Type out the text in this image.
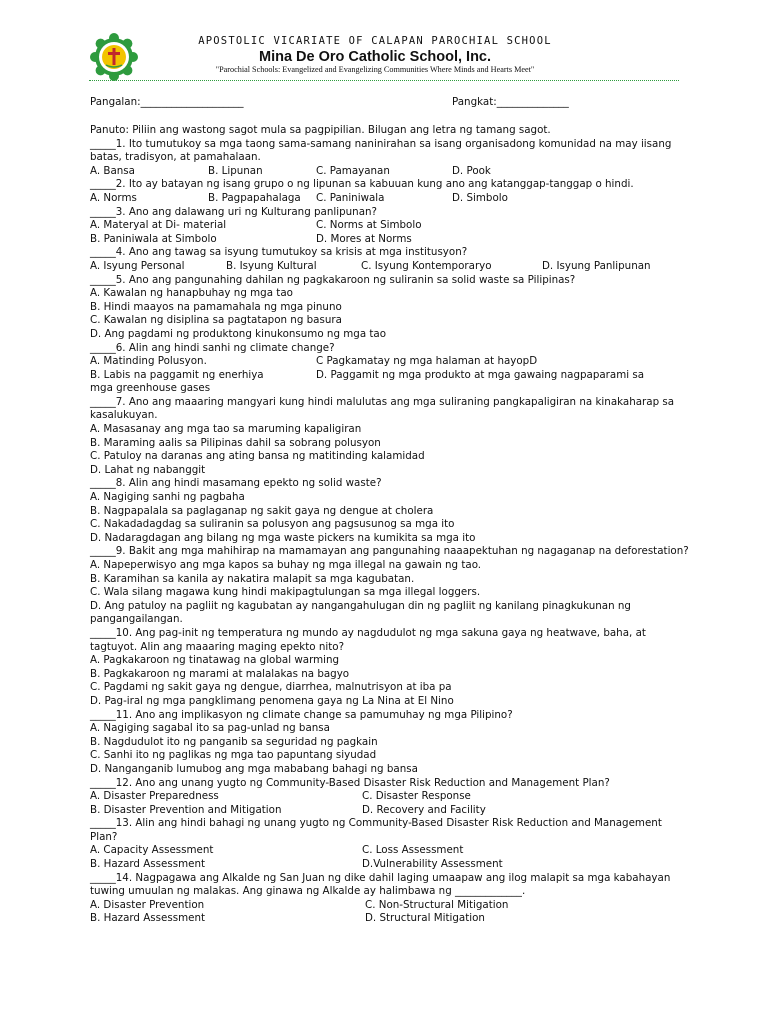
APOSTOLIC VICARIATE OF CALAPAN PAROCHIAL SCHOOL
Mina De Oro Catholic School, Inc.
"Parochial Schools: Evangelized and Evangelizing Communities Where Minds and Hearts Meet"
Pangalan:____________________	Pangkat:______________
Panuto: Piliin ang wastong sagot mula sa pagpipilian. Bilugan ang letra ng tamang sagot.
_____1. Ito tumutukoy sa mga taong sama-samang naninirahan sa isang organisadong komunidad na may iisang batas, tradisyon, at pamahalaan.
A. Bansa	B. Lipunan	C. Pamayanan	D. Pook
_____2. Ito ay batayan ng isang grupo o ng lipunan sa kabuuan kung ano ang katanggap-tanggap o hindi.
A. Norms	B. Pagpapahalaga C. Paniniwala	D. Simbolo
_____3. Ano ang dalawang uri ng Kulturang panlipunan?
A. Materyal at Di- material	C. Norms at Simbolo
B. Paniniwala at Simbolo	D. Mores at Norms
_____4. Ano ang tawag sa isyung tumutukoy sa krisis at mga institusyon?
A. Isyung Personal	B. Isyung Kultural	C. Isyung Kontemporaryo	D. Isyung Panlipunan
_____5. Ano ang pangunahing dahilan ng pagkakaroon ng suliranin sa solid waste sa Pilipinas?
A. Kawalan ng hanapbuhay ng mga tao
B. Hindi maayos na pamamahala ng mga pinuno
C. Kawalan ng disiplina sa pagtatapon ng basura
D. Ang pagdami ng produktong kinukonsumo ng mga tao
_____6. Alin ang hindi sanhi ng climate change?
A. Matinding Polusyon.	C Pagkamatay ng mga halaman at hayopD
B. Labis na paggamit ng enerhiya	D. Paggamit ng mga produkto at mga gawaing nagpaparami sa
mga greenhouse gases
_____7. Ano ang maaaring mangyari kung hindi malulutas ang mga suliraning pangkapaligiran na kinakaharap sa kasalukuyan.
A. Masasanay ang mga tao sa maruming kapaligiran
B. Maraming aalis sa Pilipinas dahil sa sobrang polusyon
C. Patuloy na daranas ang ating bansa ng matitinding kalamidad
D. Lahat ng nabanggit
_____8. Alin ang hindi masamang epekto ng solid waste?
A. Nagiging sanhi ng pagbaha
B. Nagpapalala sa paglaganap ng sakit gaya ng dengue at cholera
C. Nakadadagdag sa suliranin sa polusyon ang pagsusunog sa mga ito
D. Nadaragdagan ang bilang ng mga waste pickers na kumikita sa mga ito
_____9. Bakit ang mga mahihirap na mamamayan ang pangunahing naaapektuhan ng nagaganap na deforestation?
A. Napeperwisyo ang mga kapos sa buhay ng mga illegal na gawain ng tao.
B. Karamihan sa kanila ay nakatira malapit sa mga kagubatan.
C. Wala silang magawa kung hindi makipagtulungan sa mga illegal loggers.
D. Ang patuloy na pagliit ng kagubatan ay nangangahulugan din ng pagliit ng kanilang pinagkukunan ng pangangailangan.
_____10. Ang pag-init ng temperatura ng mundo ay nagdudulot ng mga sakuna gaya ng heatwave, baha, at tagtuyot. Alin ang maaaring maging epekto nito?
A. Pagkakaroon ng tinatawag na global warming
B. Pagkakaroon ng marami at malalakas na bagyo
C. Pagdami ng sakit gaya ng dengue, diarrhea, malnutrisyon at iba pa
D. Pag-iral ng mga pangklimang penomena gaya ng La Nina at El Nino
_____11. Ano ang implikasyon ng climate change sa pamumuhay ng mga Pilipino?
A. Nagiging sagabal ito sa pag-unlad ng bansa
B. Nagdudulot ito ng panganib sa seguridad ng pagkain
C. Sanhi ito ng paglikas ng mga tao papuntang siyudad
D. Nanganganib lumubog ang mga mababang bahagi ng bansa
_____12. Ano ang unang yugto ng Community-Based Disaster Risk Reduction and Management Plan?
A. Disaster Preparedness	C. Disaster Response
B. Disaster Prevention and Mitigation	D. Recovery and Facility
_____13. Alin ang hindi bahagi ng unang yugto ng Community-Based Disaster Risk Reduction and Management Plan?
A. Capacity Assessment	C. Loss Assessment
B. Hazard Assessment	D.Vulnerability Assessment
_____14. Nagpagawa ang Alkalde ng San Juan ng dike dahil laging umaapaw ang ilog malapit sa mga kabahayan tuwing umuulan ng malakas. Ang ginawa ng Alkalde ay halimbawa ng _____________.
A. Disaster Prevention	C. Non-Structural Mitigation
B. Hazard Assessment	D. Structural Mitigation
